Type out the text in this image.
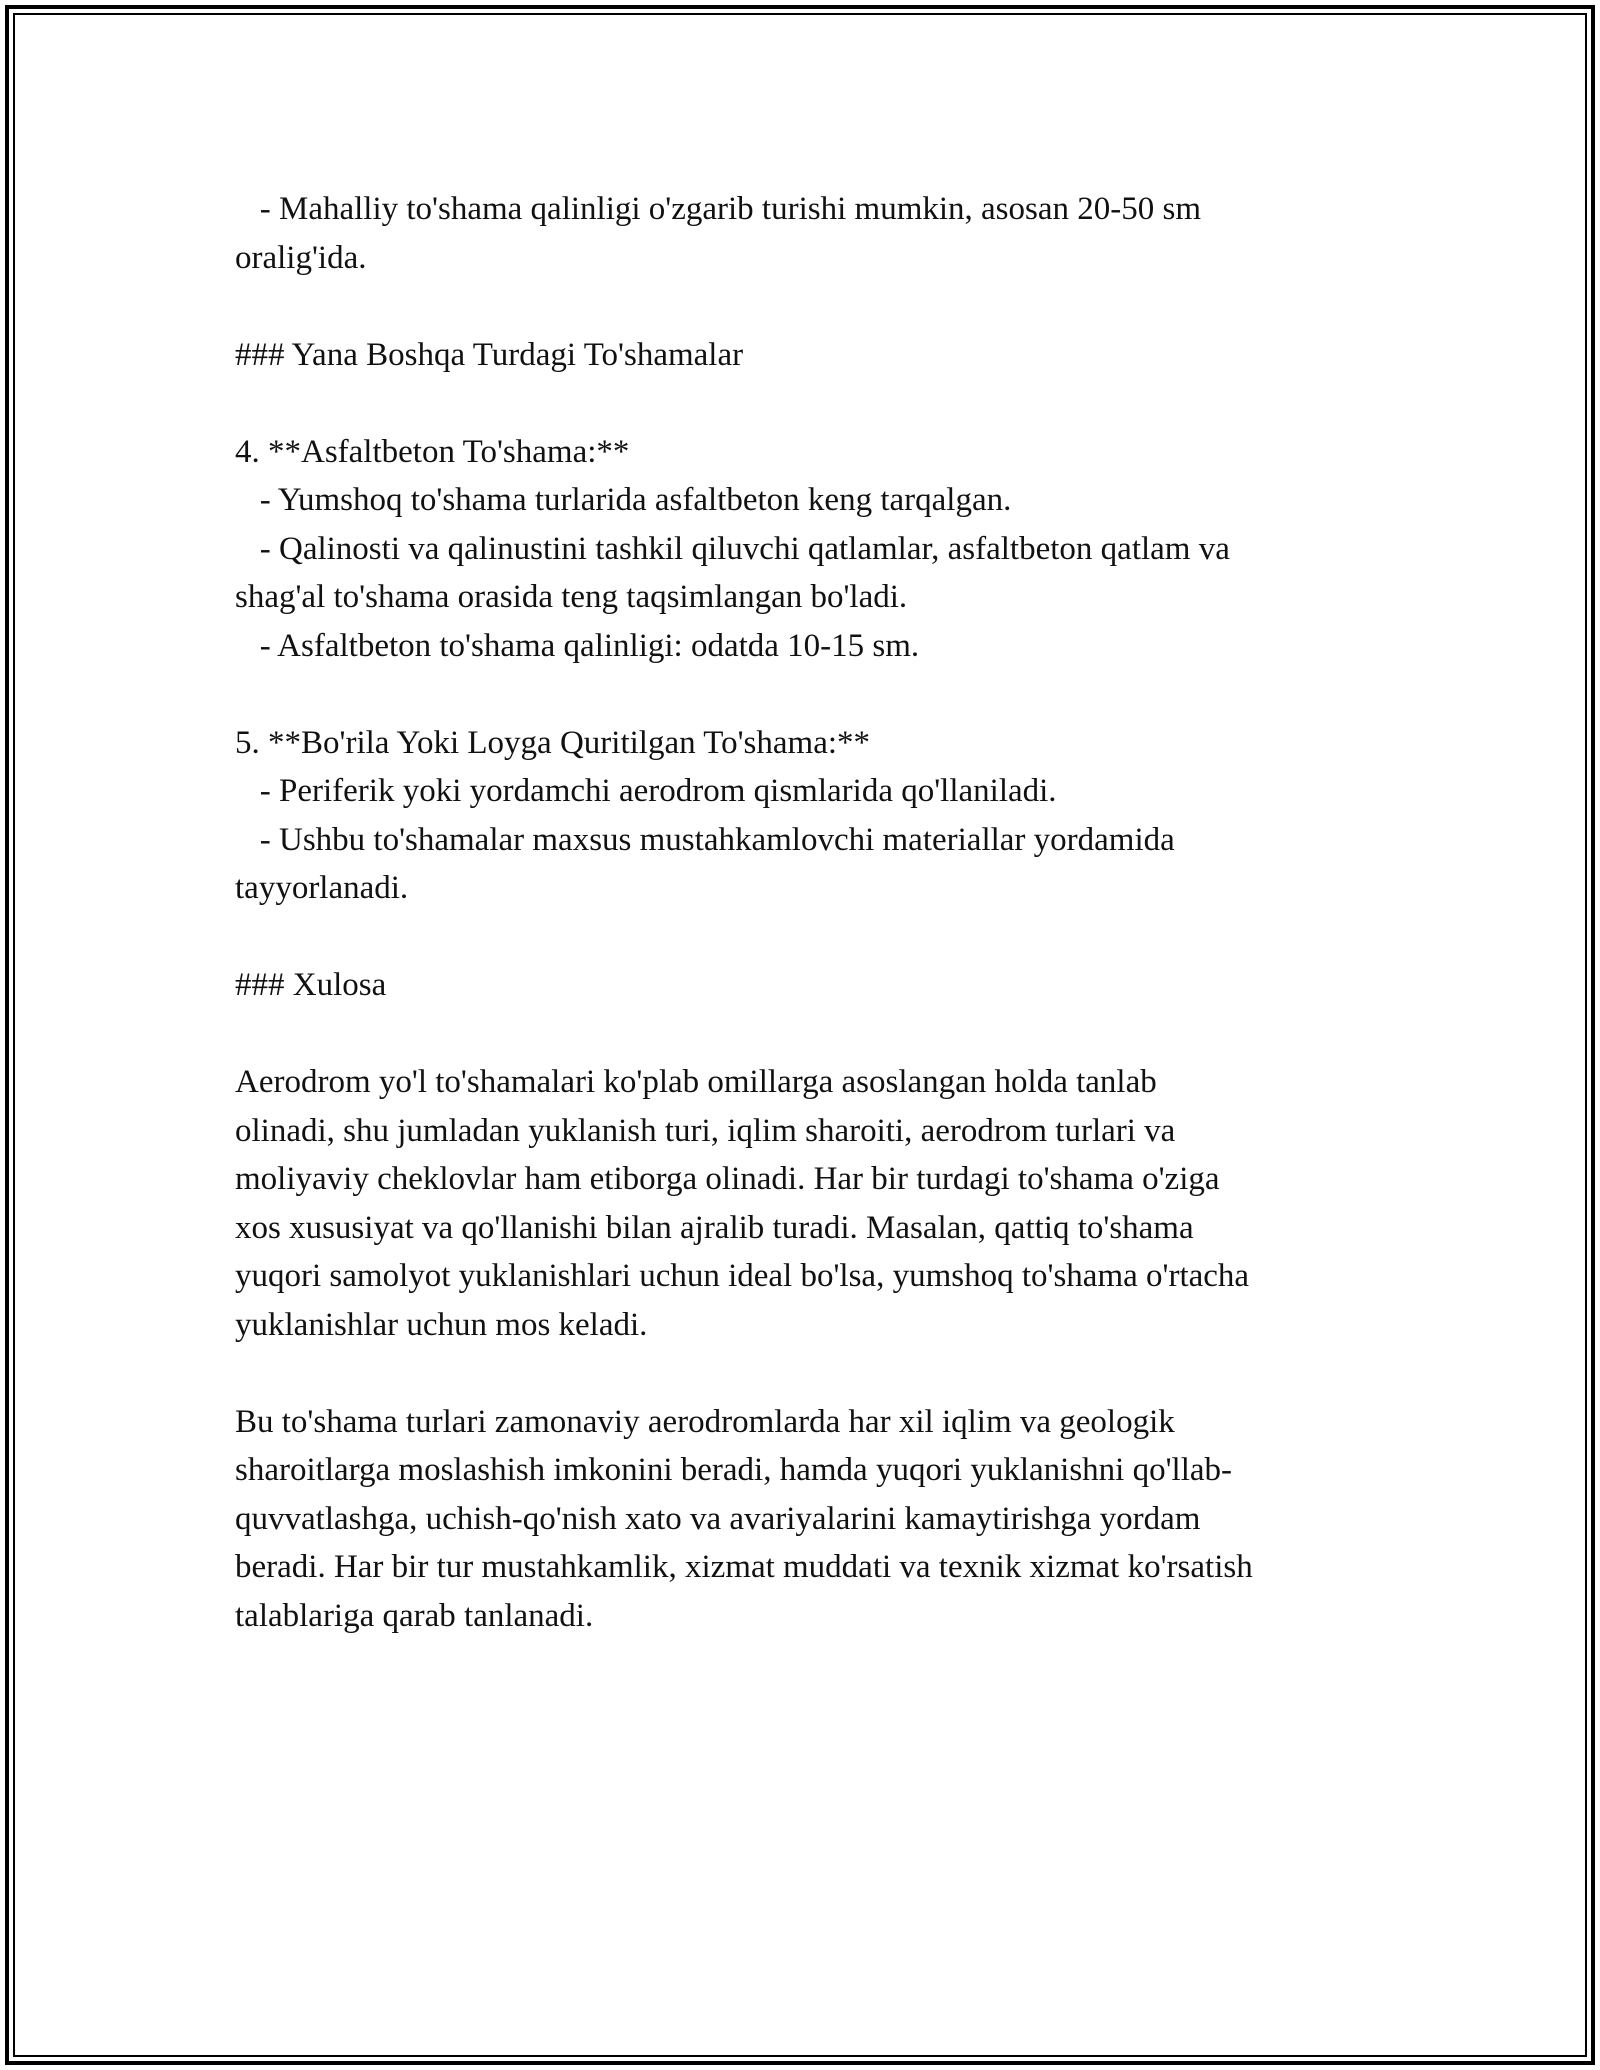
- Mahalliy to'shama qalinligi o'zgarib turishi mumkin, asosan 20-50 sm
oralig'ida.
### Yana Boshqa Turdagi To'shamalar
4. **Asfaltbeton To'shama:**
- Yumshoq to'shama turlarida asfaltbeton keng tarqalgan.
- Qalinosti va qalinustini tashkil qiluvchi qatlamlar, asfaltbeton qatlam va
shag'al to'shama orasida teng taqsimlangan bo'ladi.
- Asfaltbeton to'shama qalinligi: odatda 10-15 sm.
5. **Bo'rila Yoki Loyga Quritilgan To'shama:**
- Periferik yoki yordamchi aerodrom qismlarida qo'llaniladi.
- Ushbu to'shamalar maxsus mustahkamlovchi materiallar yordamida
tayyorlanadi.
### Xulosa
Aerodrom yo'l to'shamalari ko'plab omillarga asoslangan holda tanlab
olinadi, shu jumladan yuklanish turi, iqlim sharoiti, aerodrom turlari va
moliyaviy cheklovlar ham etiborga olinadi. Har bir turdagi to'shama o'ziga
xos xususiyat va qo'llanishi bilan ajralib turadi. Masalan, qattiq to'shama
yuqori samolyot yuklanishlari uchun ideal bo'lsa, yumshoq to'shama o'rtacha
yuklanishlar uchun mos keladi.
Bu to'shama turlari zamonaviy aerodromlarda har xil iqlim va geologik
sharoitlarga moslashish imkonini beradi, hamda yuqori yuklanishni qo'llab-
quvvatlashga, uchish-qo'nish xato va avariyalarini kamaytirishga yordam
beradi. Har bir tur mustahkamlik, xizmat muddati va texnik xizmat ko'rsatish
talablariga qarab tanlanadi.
